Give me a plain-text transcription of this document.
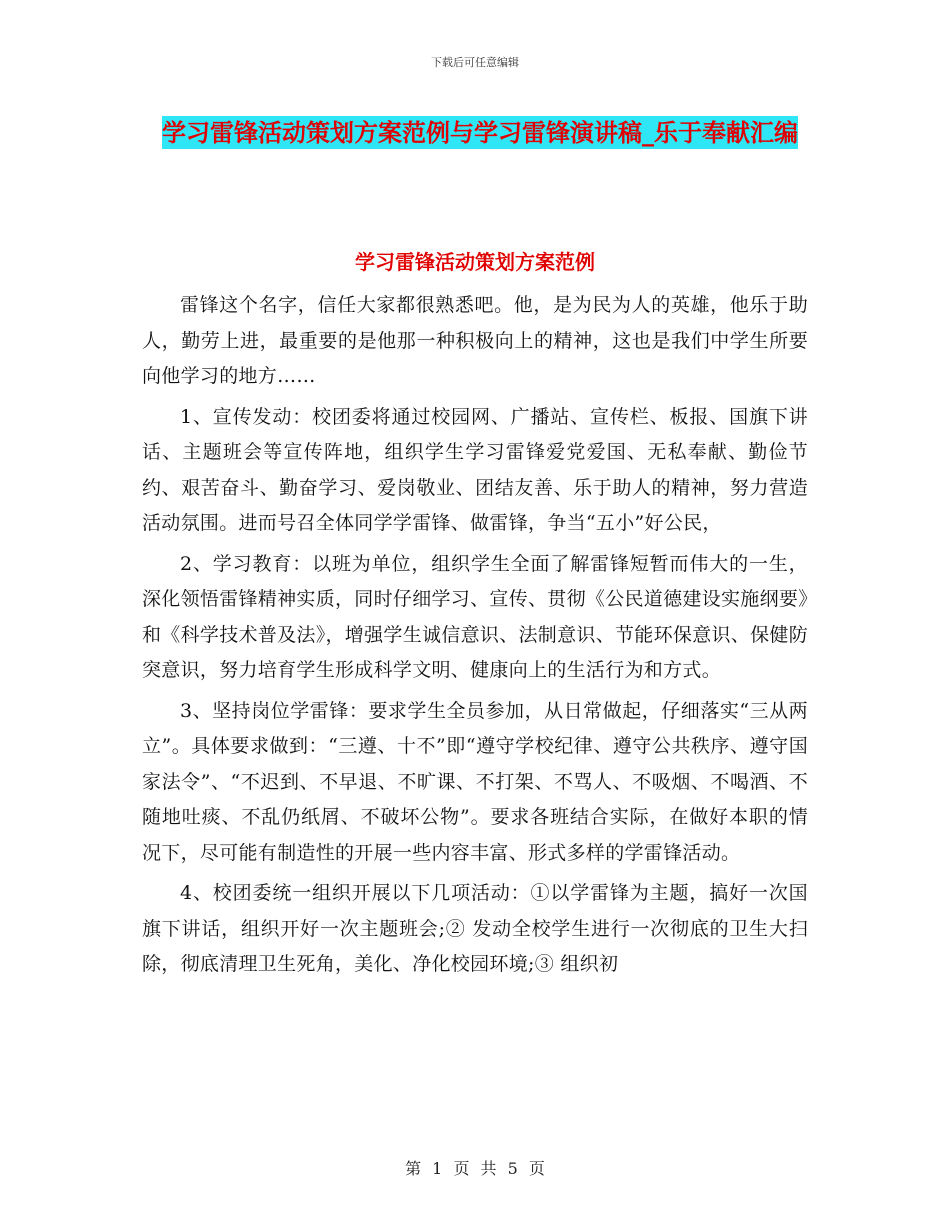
下载后可任意编辑
学习雷锋活动策划方案范例与学习雷锋演讲稿_乐于奉献汇编
学习雷锋活动策划方案范例

雷锋这个名字，信任大家都很熟悉吧。他，是为民为人的英雄，他乐于助人，勤劳上进，最重要的是他那一种积极向上的精神，这也是我们中学生所要向他学习的地方……

1、宣传发动：校团委将通过校园网、广播站、宣传栏、板报、国旗下讲话、主题班会等宣传阵地，组织学生学习雷锋爱党爱国、无私奉献、勤俭节约、艰苦奋斗、勤奋学习、爱岗敬业、团结友善、乐于助人的精神，努力营造活动氛围。进而号召全体同学学雷锋、做雷锋，争当“五小”好公民，

2、学习教育：以班为单位，组织学生全面了解雷锋短暂而伟大的一生，深化领悟雷锋精神实质，同时仔细学习、宣传、贯彻《公民道德建设实施纲要》和《科学技术普及法》，增强学生诚信意识、法制意识、节能环保意识、保健防突意识，努力培育学生形成科学文明、健康向上的生活行为和方式。

3、坚持岗位学雷锋：要求学生全员参加，从日常做起，仔细落实“三从两立”。具体要求做到：“三遵、十不”即“遵守学校纪律、遵守公共秩序、遵守国家法令”、“不迟到、不早退、不旷课、不打架、不骂人、不吸烟、不喝酒、不随地吐痰、不乱仍纸屑、不破坏公物”。要求各班结合实际，在做好本职的情况下，尽可能有制造性的开展一些内容丰富、形式多样的学雷锋活动。

4、校团委统一组织开展以下几项活动：①以学雷锋为主题，搞好一次国旗下讲话，组织开好一次主题班会;② 发动全校学生进行一次彻底的卫生大扫除，彻底清理卫生死角，美化、净化校园环境;③ 组织初

第 1 页 共 5 页
